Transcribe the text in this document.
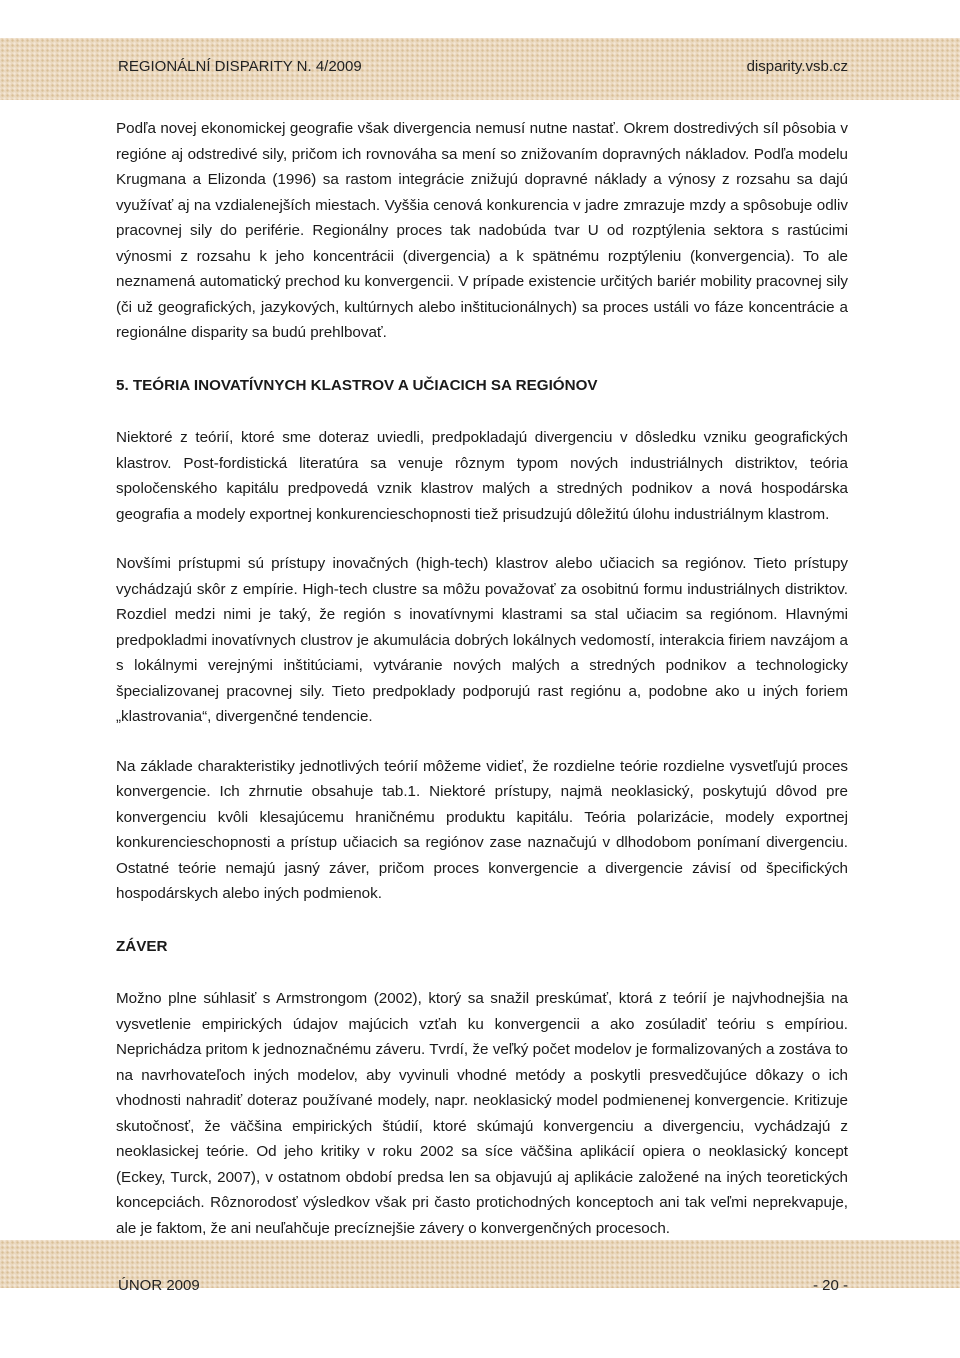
REGIONÁLNÍ DISPARITY N. 4/2009	disparity.vsb.cz

Podľa novej ekonomickej geografie však divergencia nemusí nutne nastať. Okrem dostredivých síl pôsobia v regióne aj odstredivé sily, pričom ich rovnováha sa mení so znižovaním dopravných nákladov. Podľa modelu Krugmana a Elizonda (1996) sa rastom integrácie znižujú dopravné náklady a výnosy z rozsahu sa dajú využívať aj na vzdialenejších miestach. Vyššia cenová konkurencia v jadre zmrazuje mzdy a spôsobuje odliv pracovnej sily do periférie. Regionálny proces tak nadobúda tvar U od rozptýlenia sektora s rastúcimi výnosmi z rozsahu k jeho koncentrácii (divergencia) a k spätnému rozptýleniu (konvergencia). To ale neznamená automatický prechod ku konvergencii. V prípade existencie určitých bariér mobility pracovnej sily (či už geografických, jazykových, kultúrnych alebo inštitucionálnych) sa proces ustáli vo fáze koncentrácie a regionálne disparity sa budú prehlbovať.

5. TEÓRIA INOVATÍVNYCH KLASTROV A UČIACICH SA REGIÓNOV

Niektoré z teórií, ktoré sme doteraz uviedli, predpokladajú divergenciu v dôsledku vzniku geografických klastrov. Post-fordistická literatúra sa venuje rôznym typom nových industriálnych distriktov, teória spoločenského kapitálu predpovedá vznik klastrov malých a stredných podnikov a nová hospodárska geografia a modely exportnej konkurencieschopnosti tiež prisudzujú dôležitú úlohu industriálnym klastrom.

Novšími prístupmi sú prístupy inovačných (high-tech) klastrov alebo učiacich sa regiónov. Tieto prístupy vychádzajú skôr z empírie. High-tech clustre sa môžu považovať za osobitnú formu industriálnych distriktov. Rozdiel medzi nimi je taký, že región s inovatívnymi klastrami sa stal učiacim sa regiónom. Hlavnými predpokladmi inovatívnych clustrov je akumulácia dobrých lokálnych vedomostí, interakcia firiem navzájom a s lokálnymi verejnými inštitúciami, vytváranie nových malých a stredných podnikov a technologicky špecializovanej pracovnej sily. Tieto predpoklady podporujú rast regiónu a, podobne ako u iných foriem „klastrovania“, divergenčné tendencie.

Na základe charakteristiky jednotlivých teórií môžeme vidieť, že rozdielne teórie rozdielne vysvetľujú proces konvergencie. Ich zhrnutie obsahuje tab.1. Niektoré prístupy, najmä neoklasický, poskytujú dôvod pre konvergenciu kvôli klesajúcemu hraničnému produktu kapitálu. Teória polarizácie, modely exportnej konkurencieschopnosti a prístup učiacich sa regiónov zase naznačujú v dlhodobom ponímaní divergenciu. Ostatné teórie nemajú jasný záver, pričom proces konvergencie a divergencie závisí od špecifických hospodárskych alebo iných podmienok.

ZÁVER

Možno plne súhlasiť s Armstrongom (2002), ktorý sa snažil preskúmať, ktorá z teórií je najvhodnejšia na vysvetlenie empirických údajov majúcich vzťah ku konvergencii a ako zosúladiť teóriu s empíriou. Neprichádza pritom k jednoznačnému záveru. Tvrdí, že veľký počet modelov je formalizovaných a zostáva to na navrhovateľoch iných modelov, aby vyvinuli vhodné metódy a poskytli presvedčujúce dôkazy o ich vhodnosti nahradiť doteraz používané modely, napr. neoklasický model podmienenej konvergencie. Kritizuje skutočnosť, že väčšina empirických štúdií, ktoré skúmajú konvergenciu a divergenciu, vychádzajú z neoklasickej teórie. Od jeho kritiky v roku 2002 sa síce väčšina aplikácií opiera o neoklasický koncept (Eckey, Turck, 2007), v ostatnom období predsa len sa objavujú aj aplikácie založené na iných teoretických koncepciách. Rôznorodosť výsledkov však pri často protichodných konceptoch ani tak veľmi neprekvapuje, ale je faktom, že ani neuľahčuje precíznejšie závery o konvergenčných procesoch.

ÚNOR 2009	- 20 -
